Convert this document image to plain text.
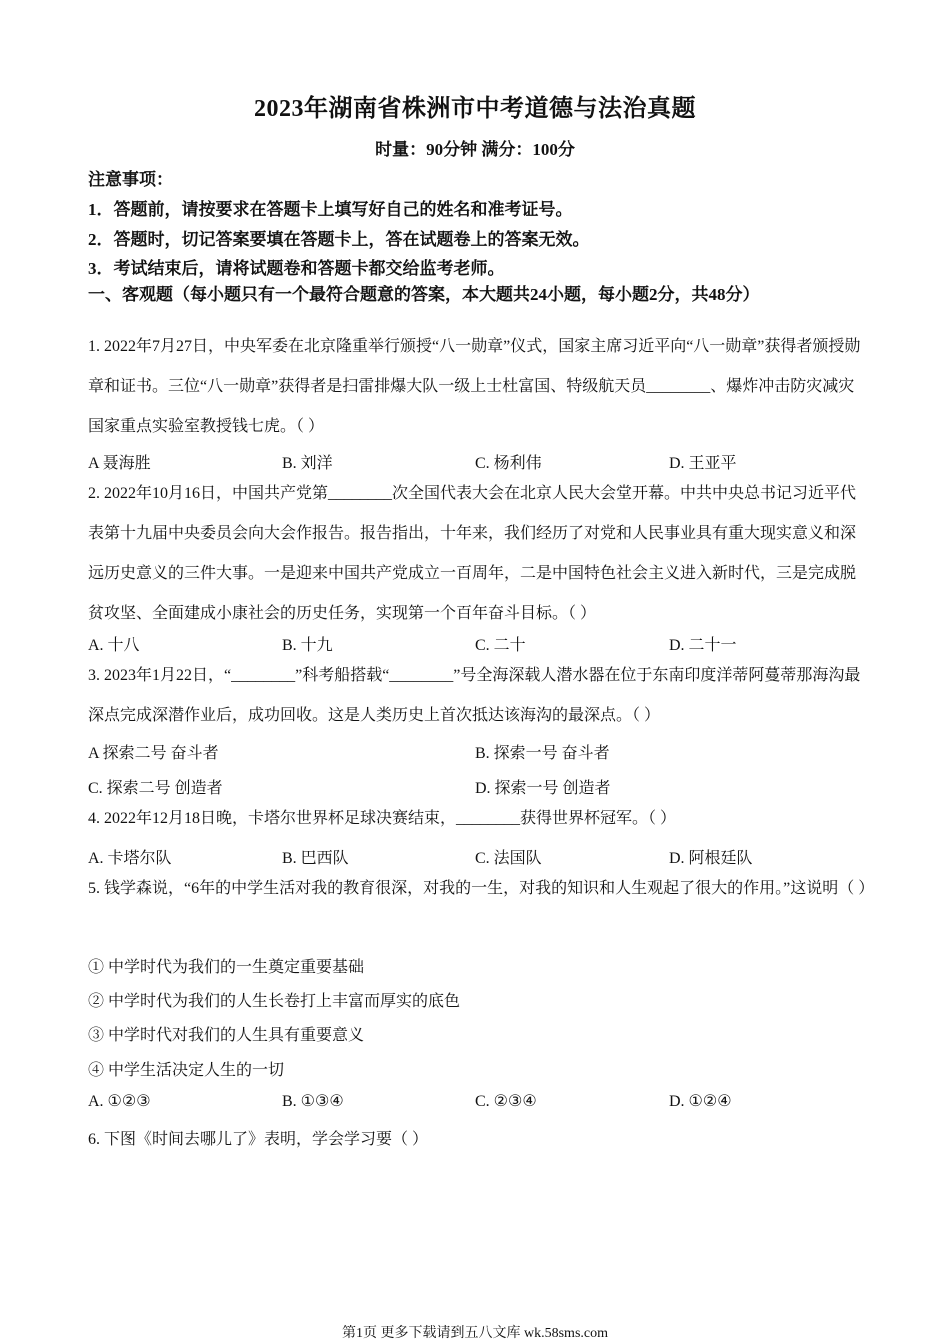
2023年湖南省株洲市中考道德与法治真题
时量：90分钟 满分：100分
注意事项：
1．答题前，请按要求在答题卡上填写好自己的姓名和准考证号。
2．答题时，切记答案要填在答题卡上，答在试题卷上的答案无效。
3．考试结束后，请将试题卷和答题卡都交给监考老师。
一、客观题（每小题只有一个最符合题意的答案，本大题共24小题，每小题2分，共48分）
1. 2022年7月27日，中央军委在北京隆重举行颁授“八一勋章”仪式，国家主席习近平向“八一勋章”获得者颁授勋章和证书。三位“八一勋章”获得者是扫雷排爆大队一级上士杜富国、特级航天员________、爆炸冲击防灾减灾国家重点实验室教授钱七虎。（ ）
A 聂海胜	B. 刘洋	C. 杨利伟	D. 王亚平
2. 2022年10月16日，中国共产党第________次全国代表大会在北京人民大会堂开幕。中共中央总书记习近平代表第十九届中央委员会向大会作报告。报告指出，十年来，我们经历了对党和人民事业具有重大现实意义和深远历史意义的三件大事。一是迎来中国共产党成立一百周年，二是中国特色社会主义进入新时代，三是完成脱贫攻坚、全面建成小康社会的历史任务，实现第一个百年奋斗目标。（ ）
A. 十八	B. 十九	C. 二十	D. 二十一
3. 2023年1月22日，“________”科考船搭载“________”号全海深载人潜水器在位于东南印度洋蒂阿蔓蒂那海沟最深点完成深潜作业后，成功回收。这是人类历史上首次抵达该海沟的最深点。（ ）
A 探索二号 奋斗者	B. 探索一号 奋斗者
C. 探索二号 创造者	D. 探索一号 创造者
4. 2022年12月18日晚，卡塔尔世界杯足球决赛结束，________获得世界杯冠军。（ ）
A. 卡塔尔队	B. 巴西队	C. 法国队	D. 阿根廷队
5. 钱学森说，“6年的中学生活对我的教育很深，对我的一生，对我的知识和人生观起了很大的作用。”这说明（ ）
① 中学时代为我们的一生奠定重要基础
② 中学时代为我们的人生长卷打上丰富而厚实的底色
③ 中学时代对我们的人生具有重要意义
④ 中学生活决定人生的一切
A. ①②③	B. ①③④	C. ②③④	D. ①②④
6. 下图《时间去哪儿了》表明，学会学习要（ ）
第1页 更多下载请到五八文库 wk.58sms.com
